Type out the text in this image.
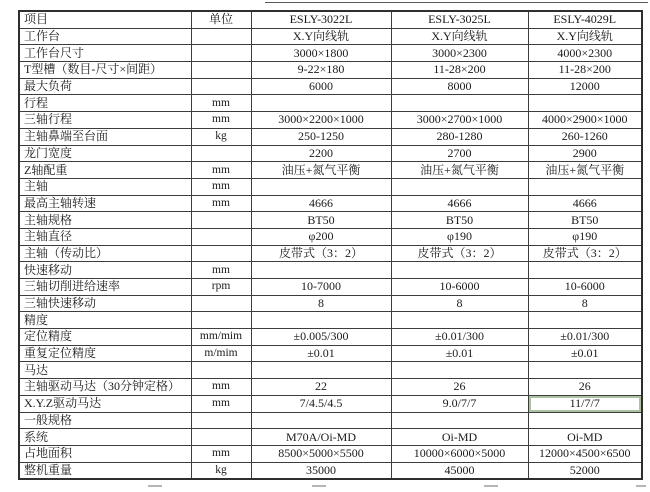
项目	单位	ESLY-3022L	ESLY-3025L	ESLY-4029L
工作台		X.Y向线轨	X.Y向线轨	X.Y向线轨
工作台尺寸		3000×1800	3000×2300	4000×2300
T型槽（数目-尺寸×间距）		9-22×180	11-28×200	11-28×200
最大负荷		6000	8000	12000
行程	mm			
三轴行程	mm	3000×2200×1000	3000×2700×1000	4000×2900×1000
主轴鼻端至台面	kg	250-1250	280-1280	260-1260
龙门宽度		2200	2700	2900
Z轴配重	mm	油压+氮气平衡	油压+氮气平衡	油压+氮气平衡
主轴	mm			
最高主轴转速	mm	4666	4666	4666
主轴规格		BT50	BT50	BT50
主轴直径		φ200	φ190	φ190
主轴（传动比）		皮带式（3：2）	皮带式（3：2）	皮带式（3：2）
快速移动	mm			
三轴切削进给速率	rpm	10-7000	10-6000	10-6000
三轴快速移动		8	8	8
精度				
定位精度	mm/mim	±0.005/300	±0.01/300	±0.01/300
重复定位精度	m/mim	±0.01	±0.01	±0.01
马达				
主轴驱动马达（30分钟定格）	mm	22	26	26
X.Y.Z驱动马达	mm	7/4.5/4.5	9.0/7/7	11/7/7
一般规格				
系统		M70A/Oi-MD	Oi-MD	Oi-MD
占地面积	mm	8500×5000×5500	10000×6000×5000	12000×4500×6500
整机重量	kg	35000	45000	52000
